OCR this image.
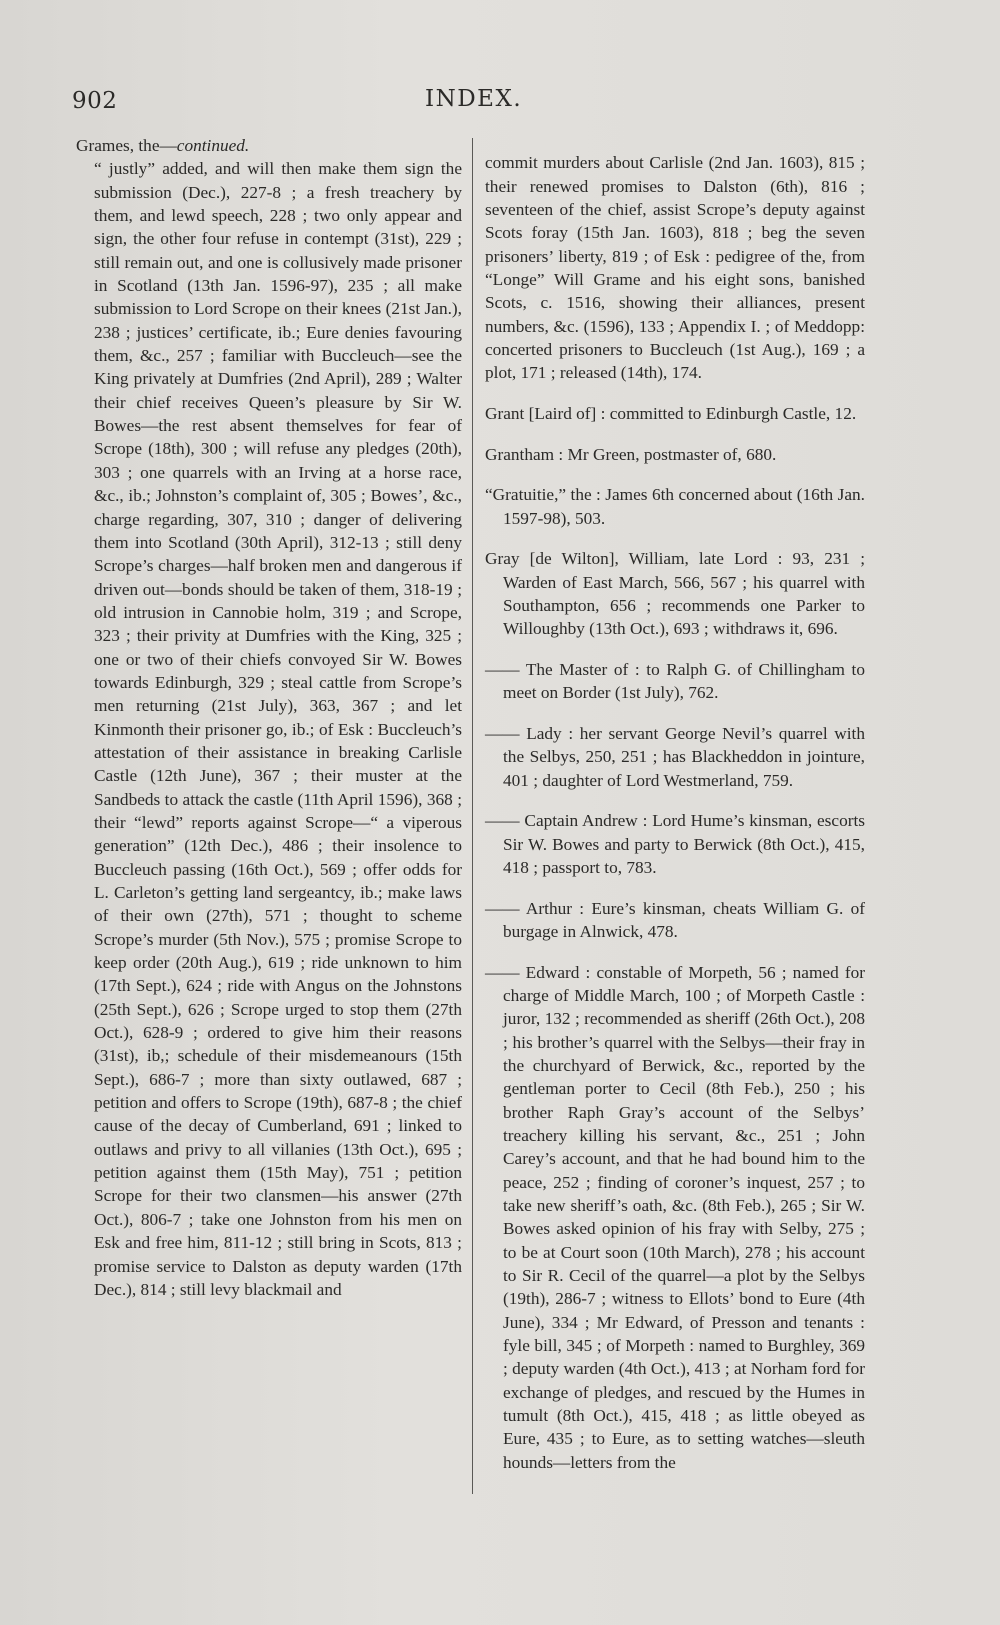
902	INDEX.

Grames, the—continued.

“ justly” added, and will then make them sign the submission (Dec.), 227-8 ; a fresh treachery by them, and lewd speech, 228 ; two only appear and sign, the other four refuse in contempt (31st), 229 ; still remain out, and one is collusively made prisoner in Scotland (13th Jan. 1596-97), 235 ; all make submission to Lord Scrope on their knees (21st Jan.), 238 ; justices’ certificate, ib.; Eure denies favouring them, &c., 257 ; familiar with Buccleuch—see the King privately at Dumfries (2nd April), 289 ; Walter their chief receives Queen’s pleasure by Sir W. Bowes—the rest absent themselves for fear of Scrope (18th), 300 ; will refuse any pledges (20th), 303 ; one quarrels with an Irving at a horse race, &c., ib.; Johnston’s complaint of, 305 ; Bowes’, &c., charge regarding, 307, 310 ; danger of delivering them into Scotland (30th April), 312-13 ; still deny Scrope’s charges—half broken men and dangerous if driven out—bonds should be taken of them, 318-19 ; old intrusion in Cannobie holm, 319 ; and Scrope, 323 ; their privity at Dumfries with the King, 325 ; one or two of their chiefs convoyed Sir W. Bowes towards Edinburgh, 329 ; steal cattle from Scrope’s men returning (21st July), 363, 367 ; and let Kinmonth their prisoner go, ib.; of Esk : Buccleuch’s attestation of their assistance in breaking Carlisle Castle (12th June), 367 ; their muster at the Sandbeds to attack the castle (11th April 1596), 368 ; their “lewd” reports against Scrope—“ a viperous generation” (12th Dec.), 486 ; their insolence to Buccleuch passing (16th Oct.), 569 ; offer odds for L. Carleton’s getting land sergeantcy, ib.; make laws of their own (27th), 571 ; thought to scheme Scrope’s murder (5th Nov.), 575 ; promise Scrope to keep order (20th Aug.), 619 ; ride unknown to him (17th Sept.), 624 ; ride with Angus on the Johnstons (25th Sept.), 626 ; Scrope urged to stop them (27th Oct.), 628-9 ; ordered to give him their reasons (31st), ib,; schedule of their misdemeanours (15th Sept.), 686-7 ; more than sixty outlawed, 687 ; petition and offers to Scrope (19th), 687-8 ; the chief cause of the decay of Cumberland, 691 ; linked to outlaws and privy to all villanies (13th Oct.), 695 ; petition against them (15th May), 751 ; petition Scrope for their two clansmen—his answer (27th Oct.), 806-7 ; take one Johnston from his men on Esk and free him, 811-12 ; still bring in Scots, 813 ; promise service to Dalston as deputy warden (17th Dec.), 814 ; still levy blackmail and

commit murders about Carlisle (2nd Jan. 1603), 815 ; their renewed promises to Dalston (6th), 816 ; seventeen of the chief, assist Scrope’s deputy against Scots foray (15th Jan. 1603), 818 ; beg the seven prisoners’ liberty, 819 ; of Esk : pedigree of the, from “Longe” Will Grame and his eight sons, banished Scots, c. 1516, showing their alliances, present numbers, &c. (1596), 133 ; Appendix I. ; of Meddopp: concerted prisoners to Buccleuch (1st Aug.), 169 ; a plot, 171 ; released (14th), 174.

Grant [Laird of] : committed to Edinburgh Castle, 12.

Grantham : Mr Green, postmaster of, 680.

“Gratuitie,” the : James 6th concerned about (16th Jan. 1597-98), 503.

Gray [de Wilton], William, late Lord : 93, 231 ; Warden of East March, 566, 567 ; his quarrel with Southampton, 656 ; recommends one Parker to Willoughby (13th Oct.), 693 ; withdraws it, 696.

—— The Master of : to Ralph G. of Chillingham to meet on Border (1st July), 762.

—— Lady : her servant George Nevil’s quarrel with the Selbys, 250, 251 ; has Blackheddon in jointure, 401 ; daughter of Lord Westmerland, 759.

—— Captain Andrew : Lord Hume’s kinsman, escorts Sir W. Bowes and party to Berwick (8th Oct.), 415, 418 ; passport to, 783.

—— Arthur : Eure’s kinsman, cheats William G. of burgage in Alnwick, 478.

—— Edward : constable of Morpeth, 56 ; named for charge of Middle March, 100 ; of Morpeth Castle : juror, 132 ; recommended as sheriff (26th Oct.), 208 ; his brother’s quarrel with the Selbys—their fray in the churchyard of Berwick, &c., reported by the gentleman porter to Cecil (8th Feb.), 250 ; his brother Raph Gray’s account of the Selbys’ treachery killing his servant, &c., 251 ; John Carey’s account, and that he had bound him to the peace, 252 ; finding of coroner’s inquest, 257 ; to take new sheriff’s oath, &c. (8th Feb.), 265 ; Sir W. Bowes asked opinion of his fray with Selby, 275 ; to be at Court soon (10th March), 278 ; his account to Sir R. Cecil of the quarrel—a plot by the Selbys (19th), 286-7 ; witness to Ellots’ bond to Eure (4th June), 334 ; Mr Edward, of Presson and tenants : fyle bill, 345 ; of Morpeth : named to Burghley, 369 ; deputy warden (4th Oct.), 413 ; at Norham ford for exchange of pledges, and rescued by the Humes in tumult (8th Oct.), 415, 418 ; as little obeyed as Eure, 435 ; to Eure, as to setting watches—sleuth hounds—letters from the
